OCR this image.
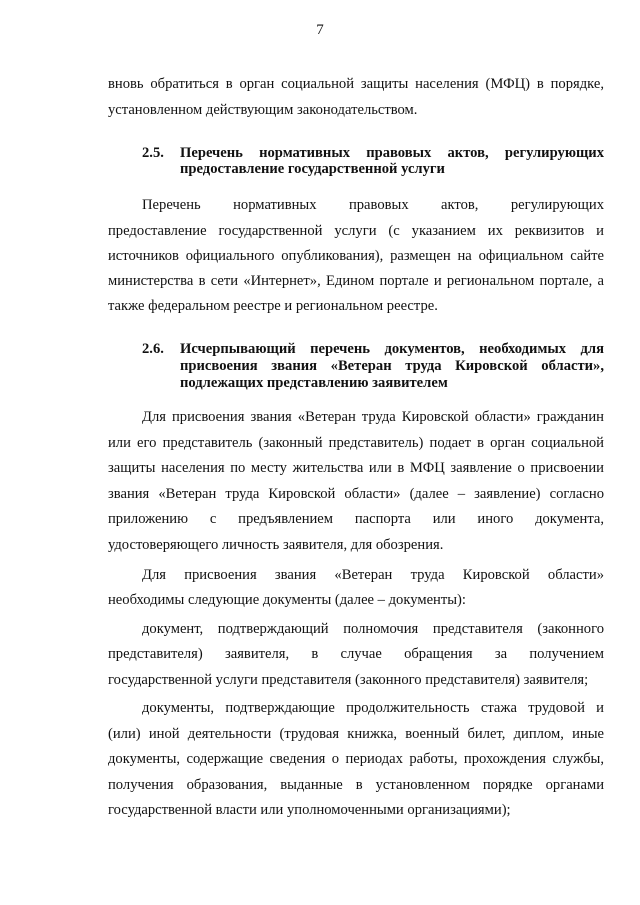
7
вновь обратиться в орган социальной защиты населения (МФЦ) в порядке,
установленном действующим законодательством.
2.5. Перечень нормативных правовых актов, регулирующих
предоставление государственной услуги
Перечень нормативных правовых актов, регулирующих
предоставление государственной услуги (с указанием их реквизитов и
источников официального опубликования), размещен на официальном сайте
министерства в сети «Интернет», Едином портале и региональном портале, а
также федеральном реестре и региональном реестре.
2.6. Исчерпывающий перечень документов, необходимых для
присвоения звания «Ветеран труда Кировской области»,
подлежащих представлению заявителем
Для присвоения звания «Ветеран труда Кировской области» гражданин
или его представитель (законный представитель) подает в орган социальной
защиты населения по месту жительства или в МФЦ заявление о присвоении
звания «Ветеран труда Кировской области» (далее – заявление) согласно
приложению с предъявлением паспорта или иного документа,
удостоверяющего личность заявителя, для обозрения.
Для присвоения звания «Ветеран труда Кировской области»
необходимы следующие документы (далее – документы):
документ, подтверждающий полномочия представителя (законного
представителя) заявителя, в случае обращения за получением
государственной услуги представителя (законного представителя) заявителя;
документы, подтверждающие продолжительность стажа трудовой и
(или) иной деятельности (трудовая книжка, военный билет, диплом, иные
документы, содержащие сведения о периодах работы, прохождения службы,
получения образования, выданные в установленном порядке органами
государственной власти или уполномоченными организациями);
